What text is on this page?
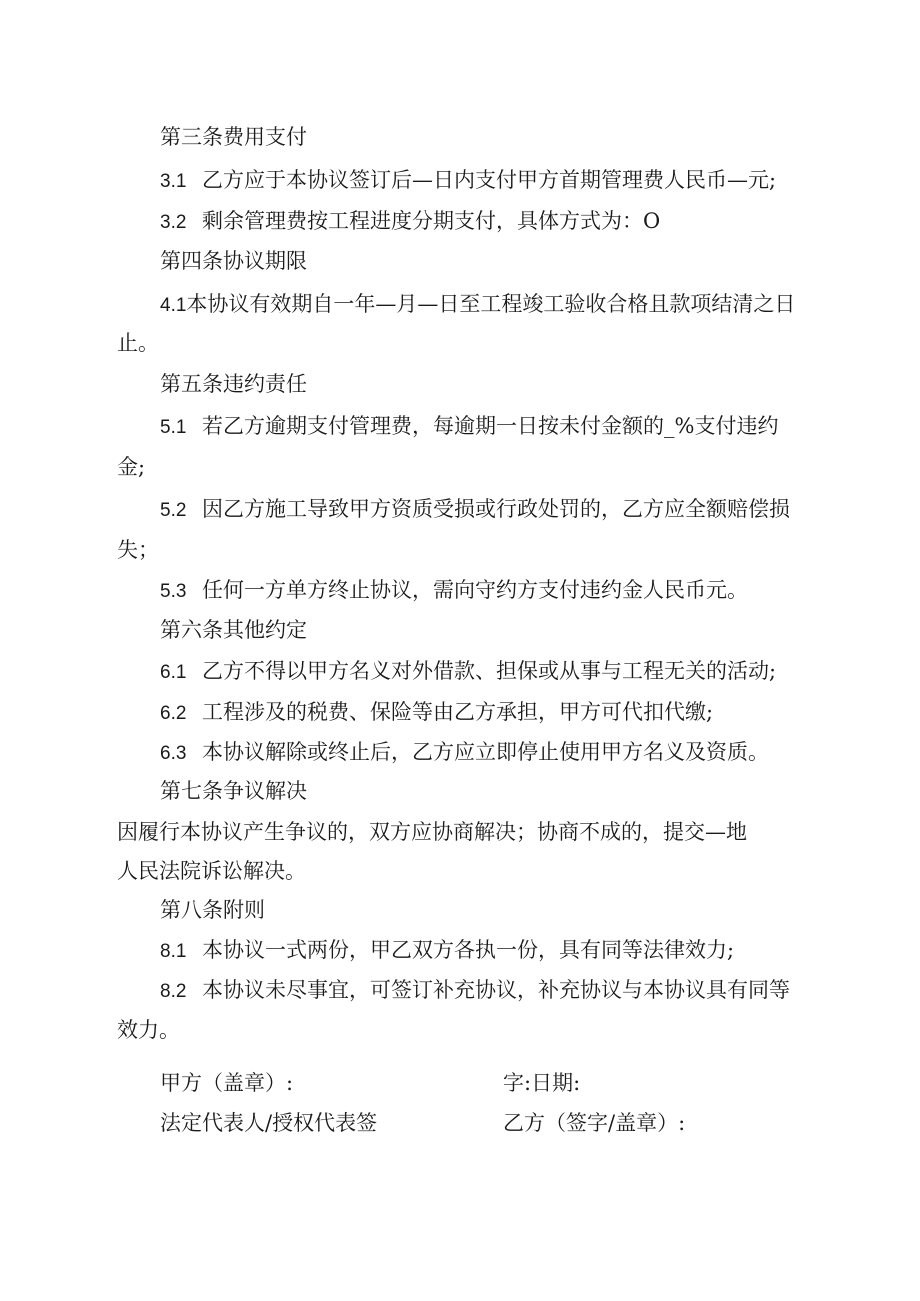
第三条费用支付
3.1 乙方应于本协议签订后—日内支付甲方首期管理费人民币—元;
3.2 剩余管理费按工程进度分期支付，具体方式为：O
第四条协议期限
4.1本协议有效期自一年—月—日至工程竣工验收合格且款项结清之日
止。
第五条违约责任
5.1 若乙方逾期支付管理费，每逾期一日按未付金额的_%支付违约
金;
5.2 因乙方施工导致甲方资质受损或行政处罚的，乙方应全额赔偿损
失；
5.3 任何一方单方终止协议，需向守约方支付违约金人民币元。
第六条其他约定
6.1 乙方不得以甲方名义对外借款、担保或从事与工程无关的活动;
6.2 工程涉及的税费、保险等由乙方承担，甲方可代扣代缴;
6.3 本协议解除或终止后，乙方应立即停止使用甲方名义及资质。
第七条争议解决
因履行本协议产生争议的，双方应协商解决；协商不成的，提交—地
人民法院诉讼解决。
第八条附则
8.1 本协议一式两份，甲乙双方各执一份，具有同等法律效力;
8.2 本协议未尽事宜，可签订补充协议，补充协议与本协议具有同等
效力。
甲方（盖章）:	字:日期:
法定代表人/授权代表签	乙方（签字/盖章）:
